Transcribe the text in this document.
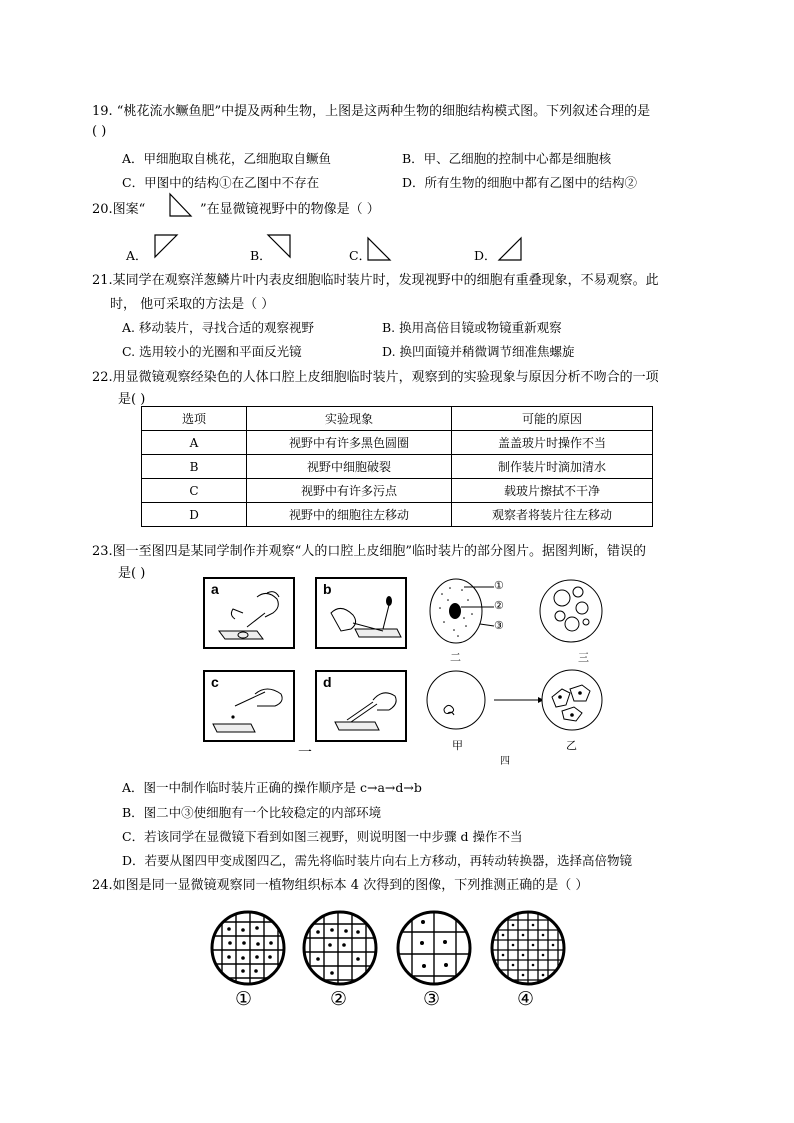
19. “桃花流水鳜鱼肥”中提及两种生物，上图是这两种生物的细胞结构模式图。下列叙述合理的是
( )
A．甲细胞取自桃花，乙细胞取自鳜鱼	B．甲、乙细胞的控制中心都是细胞核
C．甲图中的结构①在乙图中不存在	D．所有生物的细胞中都有乙图中的结构②
20.图案“	”在显微镜视野中的物像是（ ）
A．	B．	C．	D．
21.某同学在观察洋葱鳞片叶内表皮细胞临时装片时，发现视野中的细胞有重叠现象，不易观察。此
时， 他可采取的方法是（ ）
A. 移动装片，寻找合适的观察视野	B. 换用高倍目镜或物镜重新观察
C. 选用较小的光圈和平面反光镜	D. 换凹面镜并稍微调节细准焦螺旋
22.用显微镜观察经染色的人体口腔上皮细胞临时装片，观察到的实验现象与原因分析不吻合的一项
是( )
选项	实验现象	可能的原因
A	视野中有许多黑色圆圈	盖盖玻片时操作不当
B	视野中细胞破裂	制作装片时滴加清水
C	视野中有许多污点	载玻片擦拭不干净
D	视野中的细胞往左移动	观察者将装片往左移动
23.图一至图四是某同学制作并观察“人的口腔上皮细胞”临时装片的部分图片。据图判断，错误的
是( )
a	b
c	d
一
①
②
③
二	三
甲
四
乙
A．图一中制作临时装片正确的操作顺序是 c→a→d→b
B．图二中③使细胞有一个比较稳定的内部环境
C．若该同学在显微镜下看到如图三视野，则说明图一中步骤 d 操作不当
D．若要从图四甲变成图四乙，需先将临时装片向右上方移动，再转动转换器，选择高倍物镜
24.如图是同一显微镜观察同一植物组织标本 4 次得到的图像，下列推测正确的是（ ）
①	②	③	④
